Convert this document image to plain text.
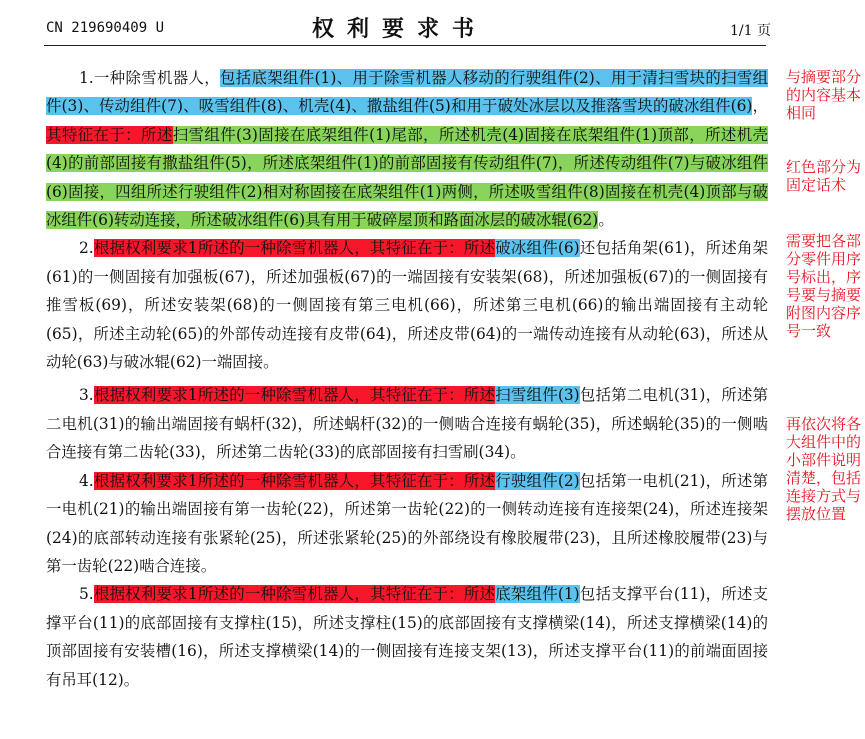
CN 219690409 U	权利要求书	1/1 页

1.一种除雪机器人，包括底架组件(1)、用于除雪机器人移动的行驶组件(2)、用于清扫雪块的扫雪组件(3)、传动组件(7)、吸雪组件(8)、机壳(4)、撒盐组件(5)和用于破处冰层以及推落雪块的破冰组件(6)，其特征在于：所述扫雪组件(3)固接在底架组件(1)尾部，所述机壳(4)固接在底架组件(1)顶部，所述机壳(4)的前部固接有撒盐组件(5)，所述底架组件(1)的前部固接有传动组件(7)，所述传动组件(7)与破冰组件(6)固接，四组所述行驶组件(2)相对称固接在底架组件(1)两侧，所述吸雪组件(8)固接在机壳(4)顶部与破冰组件(6)转动连接，所述破冰组件(6)具有用于破碎屋顶和路面冰层的破冰辊(62)。

2.根据权利要求1所述的一种除雪机器人，其特征在于：所述破冰组件(6)还包括角架(61)，所述角架(61)的一侧固接有加强板(67)，所述加强板(67)的一端固接有安装架(68)，所述加强板(67)的一侧固接有推雪板(69)，所述安装架(68)的一侧固接有第三电机(66)，所述第三电机(66)的输出端固接有主动轮(65)，所述主动轮(65)的外部传动连接有皮带(64)，所述皮带(64)的一端传动连接有从动轮(63)，所述从动轮(63)与破冰辊(62)一端固接。

3.根据权利要求1所述的一种除雪机器人，其特征在于：所述扫雪组件(3)包括第二电机(31)，所述第二电机(31)的输出端固接有蜗杆(32)，所述蜗杆(32)的一侧啮合连接有蜗轮(35)，所述蜗轮(35)的一侧啮合连接有第二齿轮(33)，所述第二齿轮(33)的底部固接有扫雪刷(34)。

4.根据权利要求1所述的一种除雪机器人，其特征在于：所述行驶组件(2)包括第一电机(21)，所述第一电机(21)的输出端固接有第一齿轮(22)，所述第一齿轮(22)的一侧转动连接有连接架(24)，所述连接架(24)的底部转动连接有张紧轮(25)，所述张紧轮(25)的外部绕设有橡胶履带(23)，且所述橡胶履带(23)与第一齿轮(22)啮合连接。

5.根据权利要求1所述的一种除雪机器人，其特征在于：所述底架组件(1)包括支撑平台(11)，所述支撑平台(11)的底部固接有支撑柱(15)，所述支撑柱(15)的底部固接有支撑横梁(14)，所述支撑横梁(14)的顶部固接有安装槽(16)，所述支撑横梁(14)的一侧固接有连接支架(13)，所述支撑平台(11)的前端面固接有吊耳(12)。

与摘要部分的内容基本相同
红色部分为固定话术
需要把各部分零件用序号标出，序号要与摘要附图内容序号一致
再依次将各大组件中的小部件说明清楚，包括连接方式与摆放位置
